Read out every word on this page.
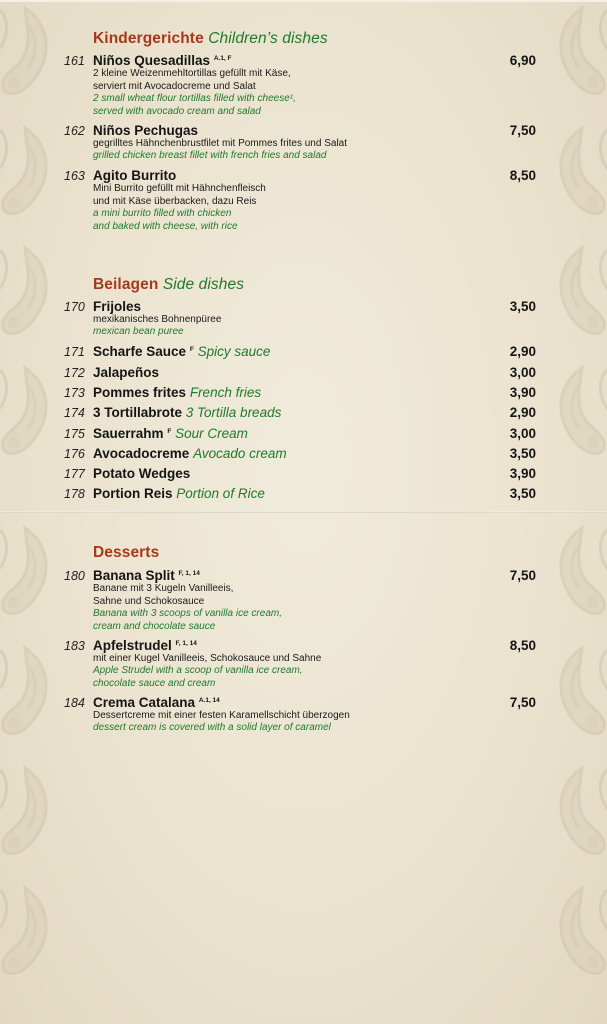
Kindergerichte Children’s dishes
161 Niños Quesadillas $^{A.1, F}$	6,90
2 kleine Weizenmehltortillas gefüllt mit Käse,
serviert mit Avocadocreme und Salat
2 small wheat flour tortillas filled with cheese¹,
served with avocado cream and salad
162 Niños Pechugas	7,50
gegrilltes Hähnchenbrustfilet mit Pommes frites und Salat
grilled chicken breast fillet with french fries and salad
163 Agito Burrito	8,50
Mini Burrito gefüllt mit Hähnchenfleisch
und mit Käse überbacken, dazu Reis
a mini burrito filled with chicken
and baked with cheese, with rice
Beilagen Side dishes
170 Frijoles	3,50
mexikanisches Bohnenpüree
mexican bean puree
171 Scharfe Sauce $^F$ Spicy sauce	2,90
172 Jalapeños	3,00
173 Pommes frites French fries	3,90
174 3 Tortillabrote 3 Tortilla breads	2,90
175 Sauerrahm $^F$ Sour Cream	3,00
176 Avocadocreme Avocado cream	3,50
177 Potato Wedges	3,90
178 Portion Reis Portion of Rice	3,50
Desserts
180 Banana Split $^{F, 1, 14}$	7,50
Banane mit 3 Kugeln Vanilleeis,
Sahne und Schokosauce
Banana with 3 scoops of vanilla ice cream,
cream and chocolate sauce
183 Apfelstrudel $^{F, 1, 14}$	8,50
mit einer Kugel Vanilleeis, Schokosauce und Sahne
Apple Strudel with a scoop of vanilla ice cream,
chocolate sauce and cream
184 Crema Catalana $^{A.1, 14}$	7,50
Dessertcreme mit einer festen Karamellschicht überzogen
dessert cream is covered with a solid layer of caramel
